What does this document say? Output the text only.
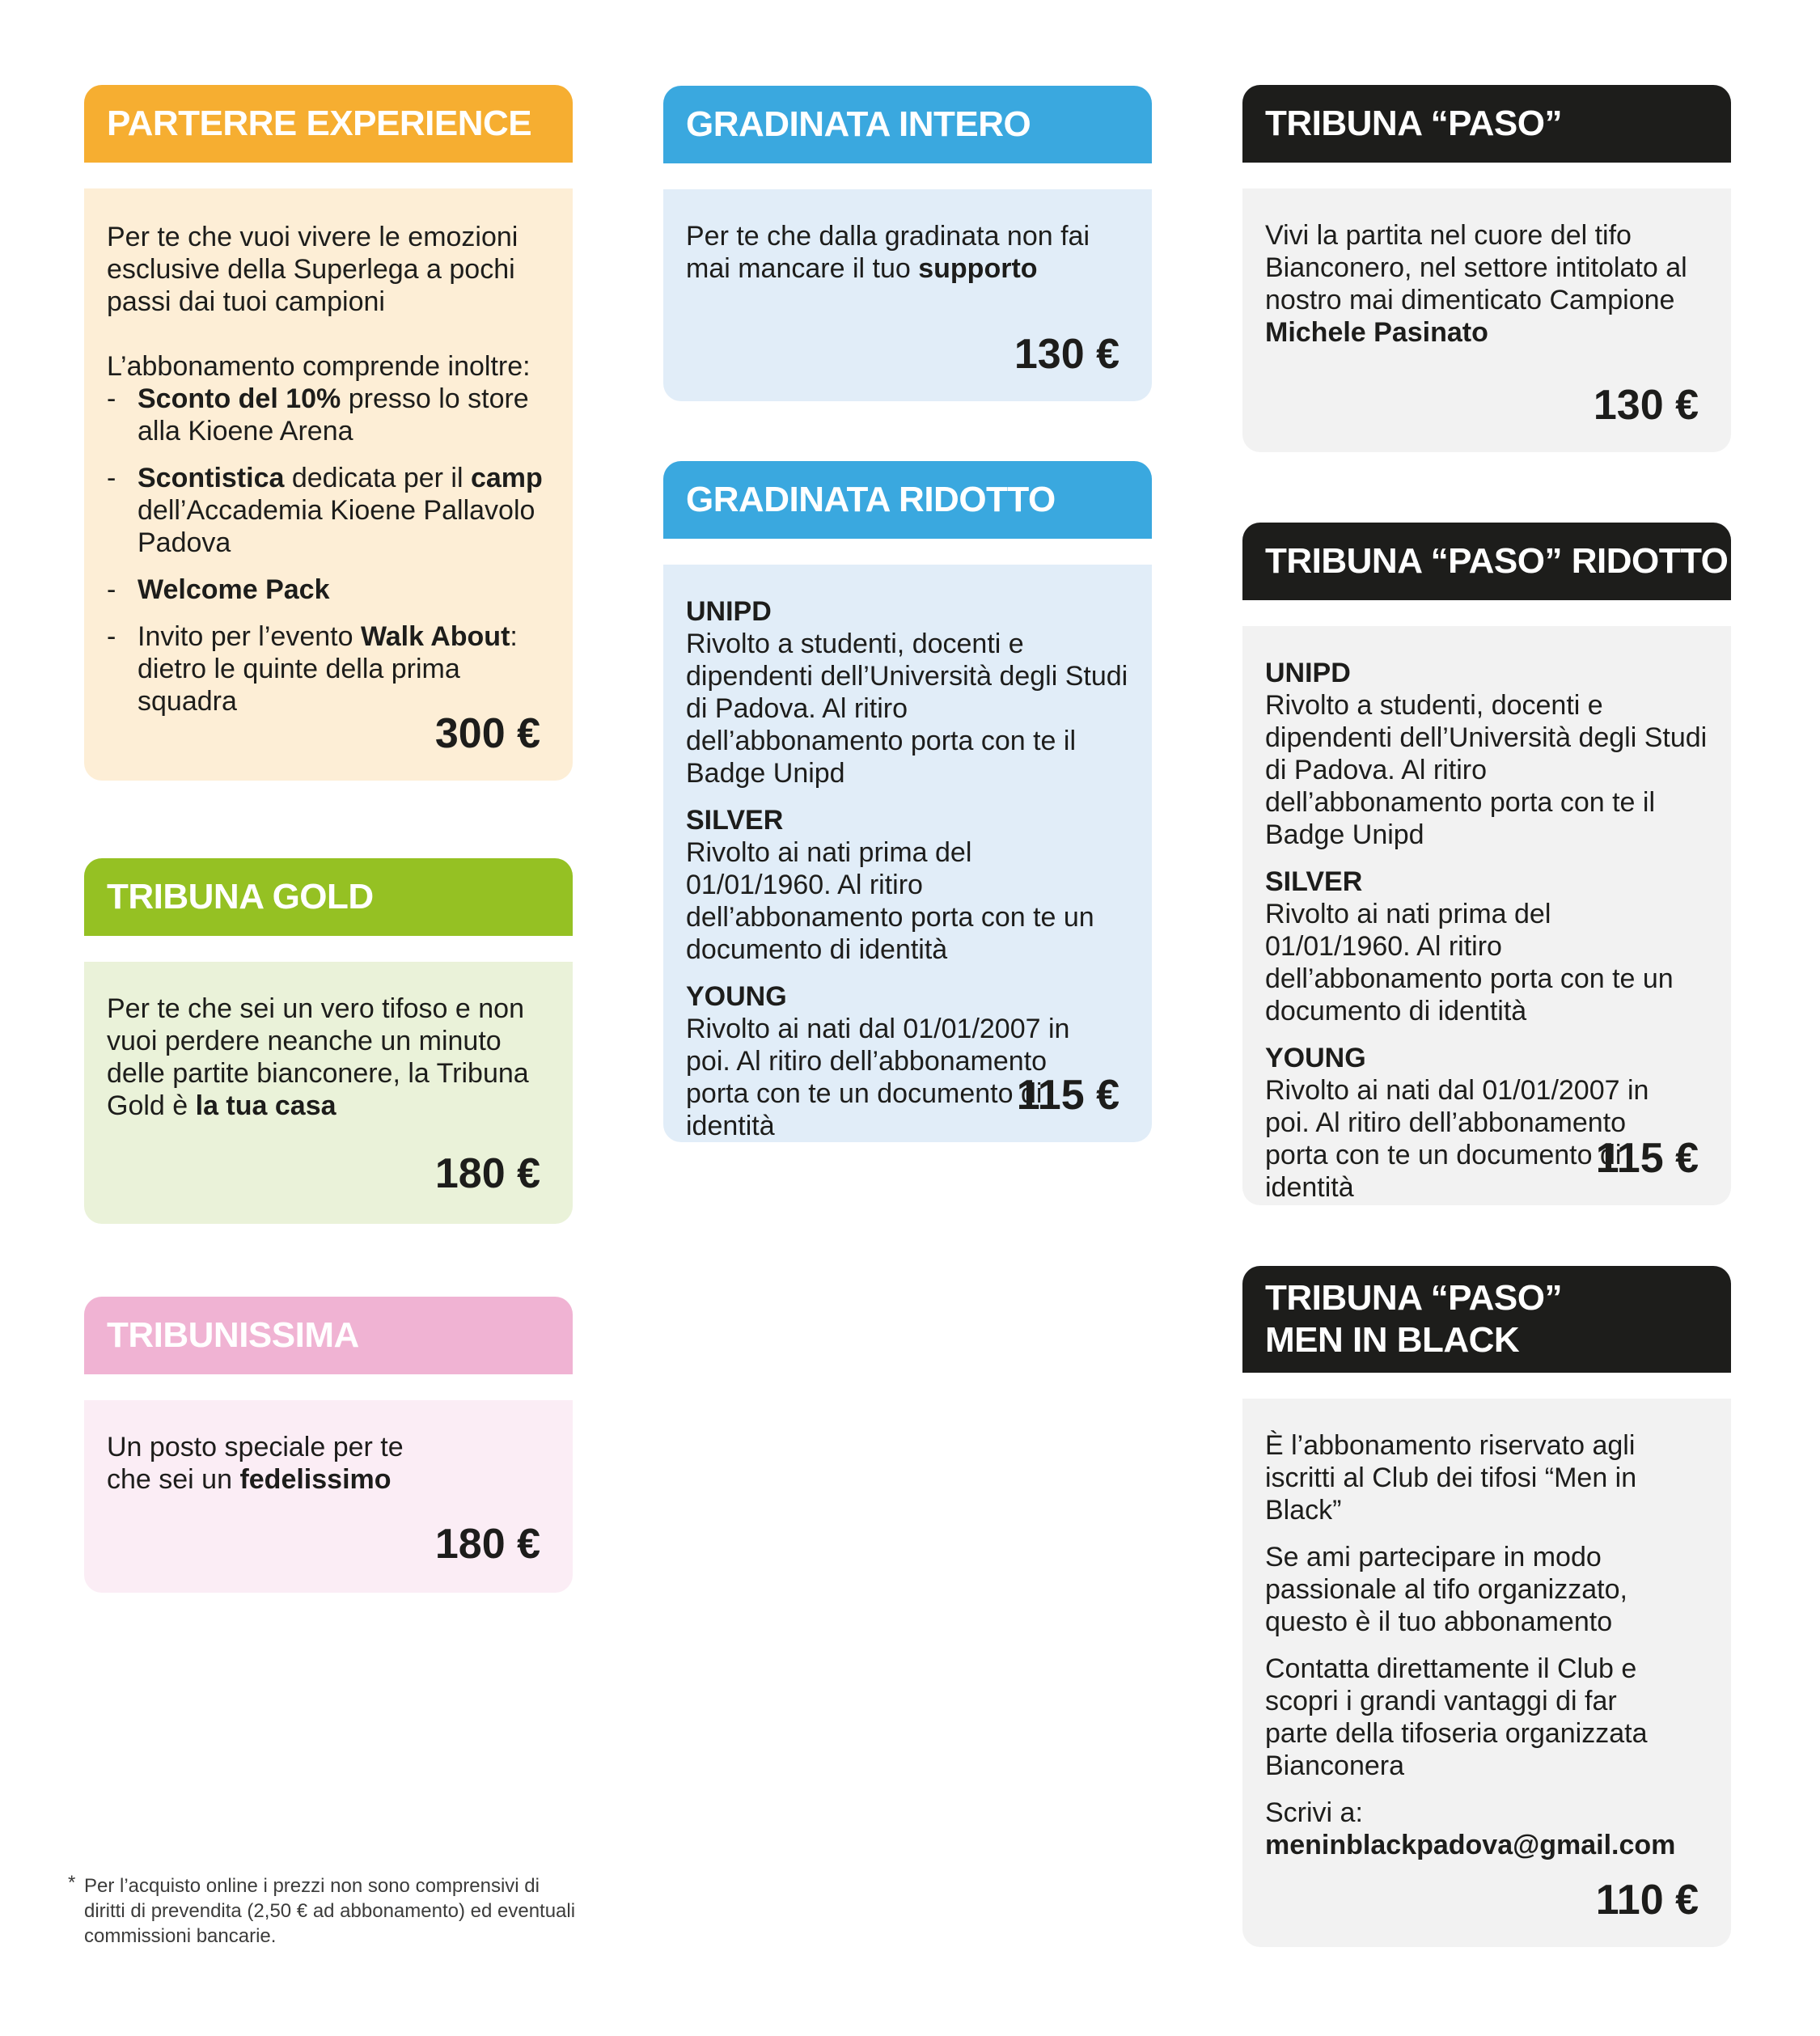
PARTERRE EXPERIENCE

Per te che vuoi vivere le emozioni esclusive della Superlega a pochi passi dai tuoi campioni

L’abbonamento comprende inoltre:

- Sconto del 10% presso lo store alla Kioene Arena
- Scontistica dedicata per il camp dell’Accademia Kioene Pallavolo Padova
- Welcome Pack
- Invito per l’evento Walk About: dietro le quinte della prima squadra
300 €
TRIBUNA GOLD

Per te che sei un vero tifoso e non vuoi perdere neanche un minuto delle partite bianconere, la Tribuna Gold è la tua casa

180 €
TRIBUNISSIMA

Un posto speciale per te che sei un fedelissimo

180 €
GRADINATA INTERO

Per te che dalla gradinata non fai mai mancare il tuo supporto

130 €
GRADINATA RIDOTTO
UNIPD

Rivolto a studenti, docenti e dipendenti dell’Università degli Studi di Padova. Al ritiro dell’abbonamento porta con te il Badge Unipd

SILVER

Rivolto ai nati prima del 01/01/1960. Al ritiro dell’abbonamento porta con te un documento di identità

YOUNG

Rivolto ai nati dal 01/01/2007 in poi. Al ritiro dell’abbonamento porta con te un documento di identità

115 €
TRIBUNA “PASO”

Vivi la partita nel cuore del tifo Bianconero, nel settore intitolato al nostro mai dimenticato Campione Michele Pasinato

130 €
TRIBUNA “PASO” RIDOTTO
UNIPD

Rivolto a studenti, docenti e dipendenti dell’Università degli Studi di Padova. Al ritiro dell’abbonamento porta con te il Badge Unipd

SILVER

Rivolto ai nati prima del 01/01/1960. Al ritiro dell’abbonamento porta con te un documento di identità

YOUNG

Rivolto ai nati dal 01/01/2007 in poi. Al ritiro dell’abbonamento porta con te un documento di identità

115 €
TRIBUNA “PASO”
MEN IN BLACK

È l’abbonamento riservato agli iscritti al Club dei tifosi “Men in Black”

Se ami partecipare in modo passionale al tifo organizzato, questo è il tuo abbonamento

Contatta direttamente il Club e scopri i grandi vantaggi di far parte della tifoseria organizzata Bianconera

Scrivi a:
meninblackpadova@gmail.com

110 €
* Per l’acquisto online i prezzi non sono comprensivi di diritti di prevendita (2,50 € ad abbonamento) ed eventuali commissioni bancarie.
